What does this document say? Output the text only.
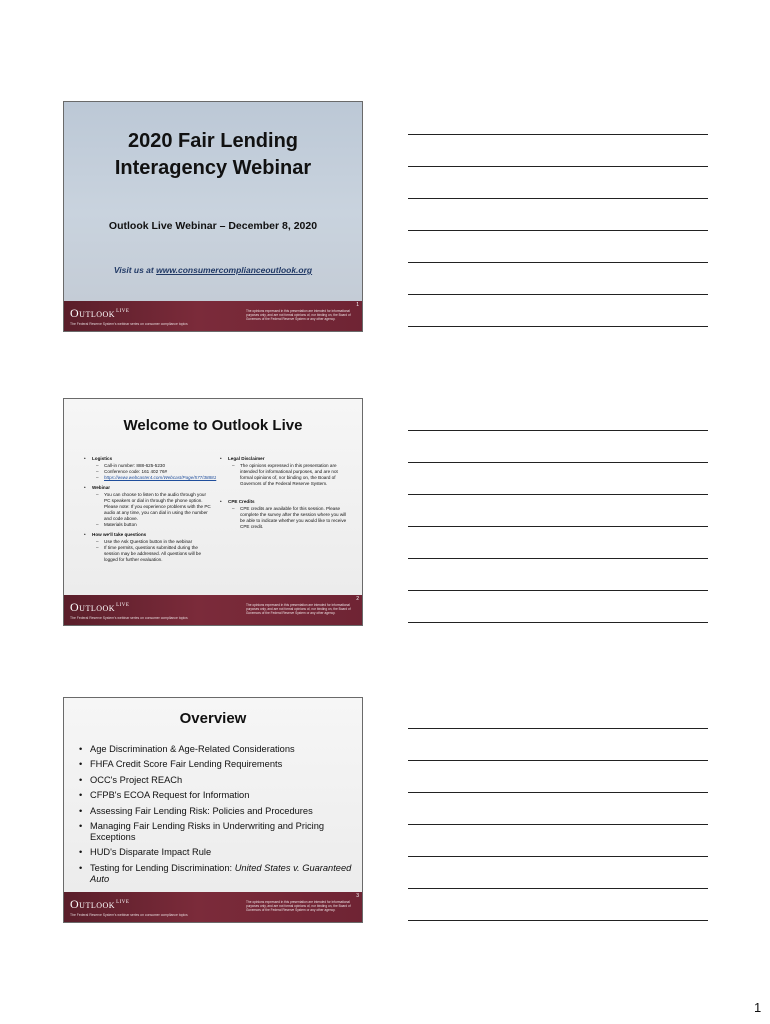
2020 Fair Lending
Interagency Webinar
Outlook Live Webinar – December 8, 2020
Visit us at www.consumercomplianceoutlook.org
Outlook$^{LIVE}$
The Federal Reserve System's webinar series on consumer compliance topics
The opinions expressed in this presentation are intended for informational purposes only, and are not formal opinions of, nor binding on, the Board of Governors of the Federal Reserve System or any other agency.
1
Welcome to Outlook Live
• Logistics
– Call-in number: 888-625-5230
– Conference code: 161 402 76#
– https://www.webcaster4.com/Webcast/Page/577/38881
• Webinar
– You can choose to listen to the audio through your PC speakers or dial in through the phone option. Please note: If you experience problems with the PC audio at any time, you can dial in using the number and code above.
– Materials button
• How we'll take questions
– Use the Ask Question button in the webinar
– If time permits, questions submitted during the session may be addressed. All questions will be logged for further evaluation.
• Legal Disclaimer
– The opinions expressed in this presentation are intended for informational purposes, and are not formal opinions of, nor binding on, the Board of Governors of the Federal Reserve System.
• CPE Credits
– CPE credits are available for this session. Please complete the survey after the session where you will be able to indicate whether you would like to receive CPE credit.
Outlook$^{LIVE}$
The Federal Reserve System's webinar series on consumer compliance topics
The opinions expressed in this presentation are intended for informational purposes only, and are not formal opinions of, nor binding on, the Board of Governors of the Federal Reserve System or any other agency.
2
Overview
• Age Discrimination & Age-Related Considerations
• FHFA Credit Score Fair Lending Requirements
• OCC's Project REACh
• CFPB's ECOA Request for Information
• Assessing Fair Lending Risk: Policies and Procedures
• Managing Fair Lending Risks in Underwriting and Pricing Exceptions
• HUD's Disparate Impact Rule
• Testing for Lending Discrimination: United States v. Guaranteed Auto
Outlook$^{LIVE}$
The Federal Reserve System's webinar series on consumer compliance topics
The opinions expressed in this presentation are intended for informational purposes only, and are not formal opinions of, nor binding on, the Board of Governors of the Federal Reserve System or any other agency.
3
1
